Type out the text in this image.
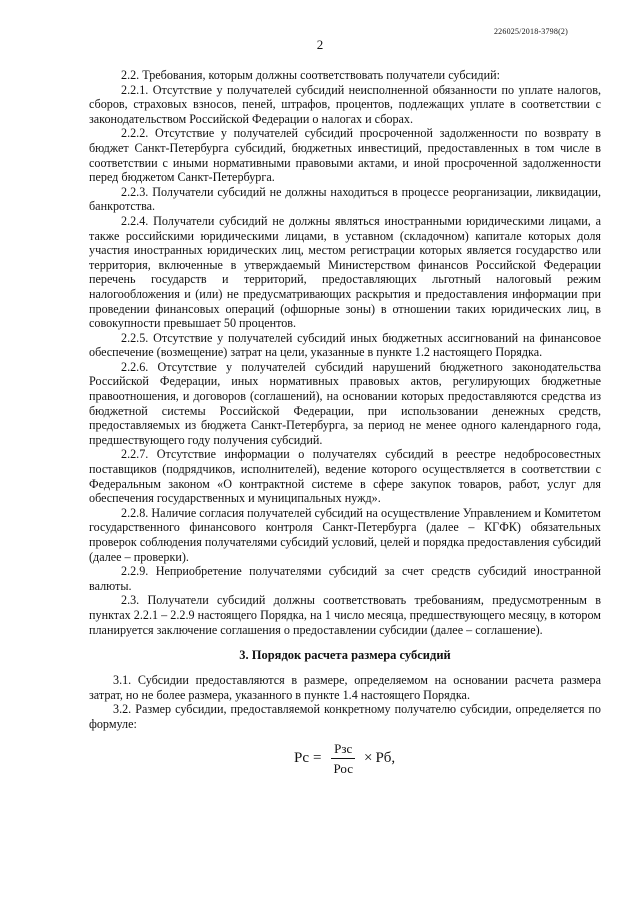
226025/2018-3798(2)
2

2.2. Требования, которым должны соответствовать получатели субсидий:

2.2.1. Отсутствие у получателей субсидий неисполненной обязанности по уплате налогов, сборов, страховых взносов, пеней, штрафов, процентов, подлежащих уплате в соответствии с законодательством Российской Федерации о налогах и сборах.

2.2.2. Отсутствие у получателей субсидий просроченной задолженности по возврату в бюджет Санкт-Петербурга субсидий, бюджетных инвестиций, предоставленных в том числе в соответствии с иными нормативными правовыми актами, и иной просроченной задолженности перед бюджетом Санкт-Петербурга.

2.2.3. Получатели субсидий не должны находиться в процессе реорганизации, ликвидации, банкротства.

2.2.4. Получатели субсидий не должны являться иностранными юридическими лицами, а также российскими юридическими лицами, в уставном (складочном) капитале которых доля участия иностранных юридических лиц, местом регистрации которых является государство или территория, включенные в утверждаемый Министерством финансов Российской Федерации перечень государств и территорий, предоставляющих льготный налоговый режим налогообложения и (или) не предусматривающих раскрытия и предоставления информации при проведении финансовых операций (офшорные зоны) в отношении таких юридических лиц, в совокупности превышает 50 процентов.

2.2.5. Отсутствие у получателей субсидий иных бюджетных ассигнований на финансовое обеспечение (возмещение) затрат на цели, указанные в пункте 1.2 настоящего Порядка.

2.2.6. Отсутствие у получателей субсидий нарушений бюджетного законодательства Российской Федерации, иных нормативных правовых актов, регулирующих бюджетные правоотношения, и договоров (соглашений), на основании которых предоставляются средства из бюджетной системы Российской Федерации, при использовании денежных средств, предоставляемых из бюджета Санкт-Петербурга, за период не менее одного календарного года, предшествующего году получения субсидий.

2.2.7. Отсутствие информации о получателях субсидий в реестре недобросовестных поставщиков (подрядчиков, исполнителей), ведение которого осуществляется в соответствии с Федеральным законом «О контрактной системе в сфере закупок товаров, работ, услуг для обеспечения государственных и муниципальных нужд».

2.2.8. Наличие согласия получателей субсидий на осуществление Управлением и Комитетом государственного финансового контроля Санкт-Петербурга (далее – КГФК) обязательных проверок соблюдения получателями субсидий условий, целей и порядка предоставления субсидий (далее – проверки).

2.2.9. Неприобретение получателями субсидий за счет средств субсидий иностранной валюты.

2.3. Получатели субсидий должны соответствовать требованиям, предусмотренным в пунктах 2.2.1 – 2.2.9 настоящего Порядка, на 1 число месяца, предшествующего месяцу, в котором планируется заключение соглашения о предоставлении субсидии (далее – соглашение).

3. Порядок расчета размера субсидий

3.1. Субсидии предоставляются в размере, определяемом на основании расчета размера затрат, но не более размера, указанного в пункте 1.4 настоящего Порядка.

3.2. Размер субсидии, предоставляемой конкретному получателю субсидии, определяется по формуле:

Рс = $\frac{\text{Рзс}}{\text{Рос}}$ × Рб,
